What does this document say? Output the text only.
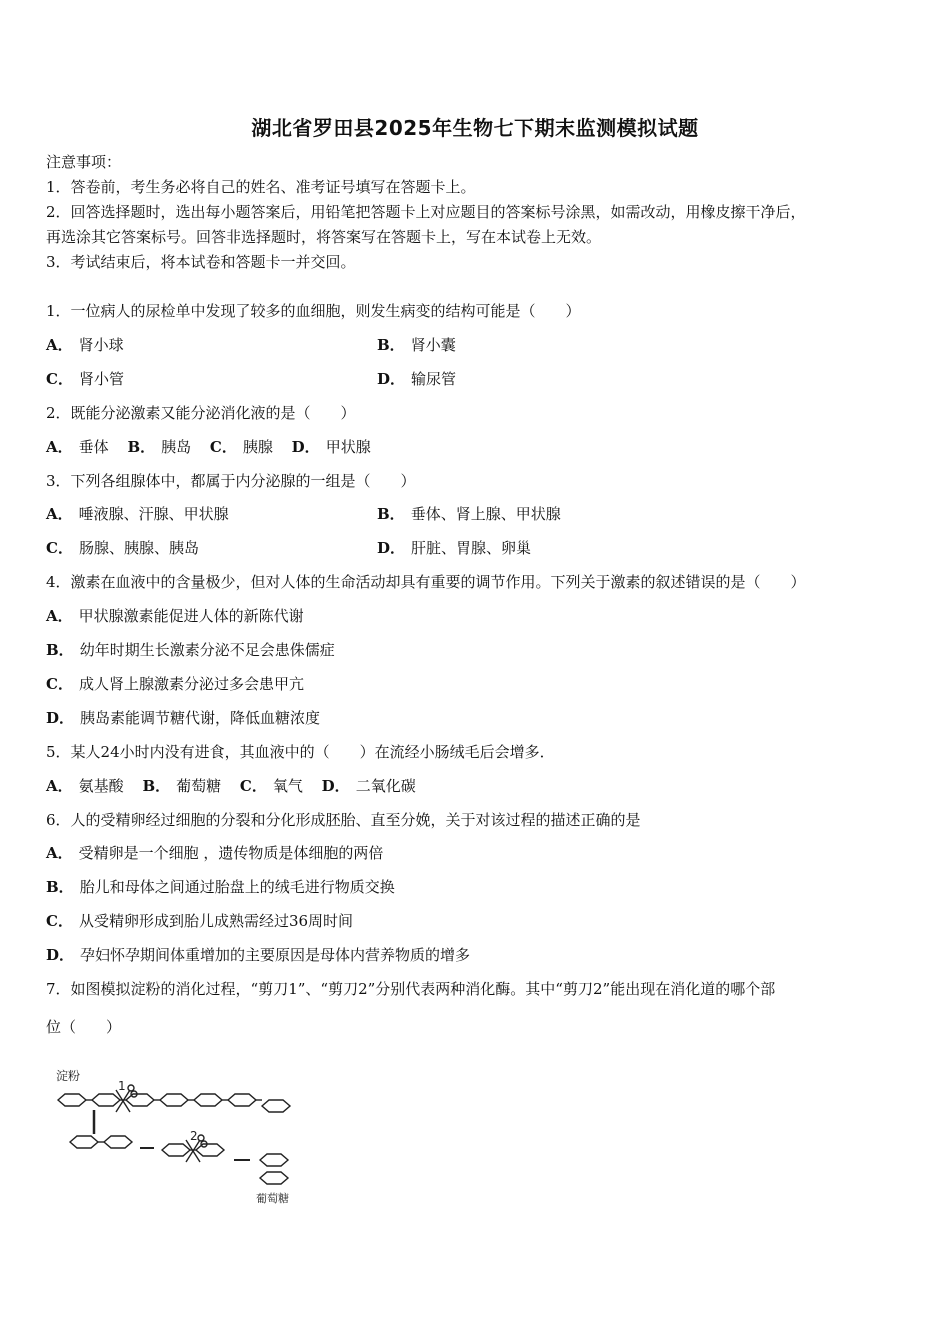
湖北省罗田县2025年生物七下期末监测模拟试题
注意事项：
1．答卷前，考生务必将自己的姓名、准考证号填写在答题卡上。
2．回答选择题时，选出每小题答案后，用铅笔把答题卡上对应题目的答案标号涂黑，如需改动，用橡皮擦干净后，
再选涂其它答案标号。回答非选择题时，将答案写在答题卡上，写在本试卷上无效。
3．考试结束后，将本试卷和答题卡一并交回。
1．一位病人的尿检单中发现了较多的血细胞，则发生病变的结构可能是（　　）
A． 肾小球	B． 肾小囊
C． 肾小管	D． 输尿管
2．既能分泌激素又能分泌消化液的是（　　）
A． 垂体 B． 胰岛 C． 胰腺 D． 甲状腺
3．下列各组腺体中，都属于内分泌腺的一组是（　　）
A． 唾液腺、汗腺、甲状腺	B． 垂体、肾上腺、甲状腺
C． 肠腺、胰腺、胰岛	D． 肝脏、胃腺、卵巢
4．激素在血液中的含量极少，但对人体的生命活动却具有重要的调节作用。下列关于激素的叙述错误的是（　　）
A． 甲状腺激素能促进人体的新陈代谢
B． 幼年时期生长激素分泌不足会患侏儒症
C． 成人肾上腺激素分泌过多会患甲亢
D． 胰岛素能调节糖代谢，降低血糖浓度
5．某人24小时内没有进食，其血液中的（　　）在流经小肠绒毛后会增多．
A． 氨基酸 B． 葡萄糖 C． 氧气 D． 二氧化碳
6．人的受精卵经过细胞的分裂和分化形成胚胎、直至分娩，关于对该过程的描述正确的是
A． 受精卵是一个细胞 ，遗传物质是体细胞的两倍
B． 胎儿和母体之间通过胎盘上的绒毛进行物质交换
C． 从受精卵形成到胎儿成熟需经过36周时间
D． 孕妇怀孕期间体重增加的主要原因是母体内营养物质的增多
7．如图模拟淀粉的消化过程，“剪刀1”、“剪刀2”分别代表两种消化酶。其中“剪刀2”能出现在消化道的哪个部
位（　　）
淀粉
1
2
葡萄糖
